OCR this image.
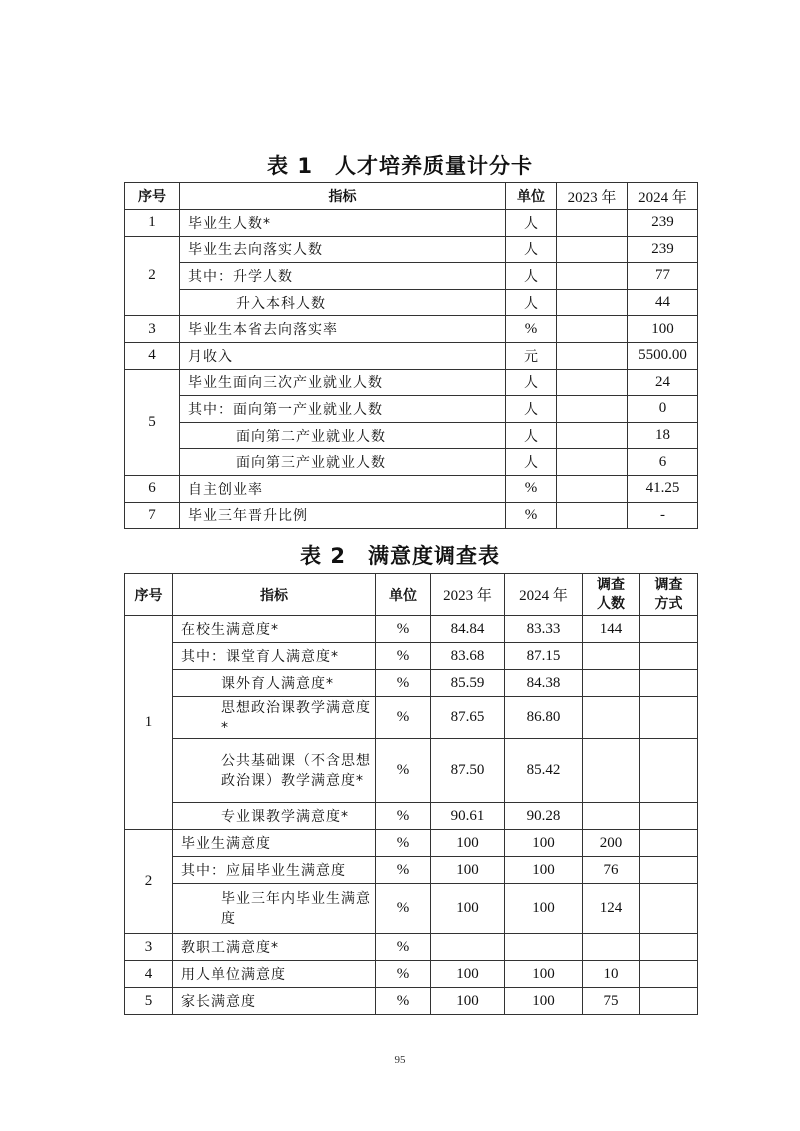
表 1　人才培养质量计分卡
序号	指标	单位	2023 年	2024 年
1	毕业生人数*	人		239
2	毕业生去向落实人数	人		239
	其中：升学人数	人		77
	升入本科人数	人		44
3	毕业生本省去向落实率	%		100
4	月收入	元		5500.00
5	毕业生面向三次产业就业人数	人		24
	其中：面向第一产业就业人数	人		0
	面向第二产业就业人数	人		18
	面向第三产业就业人数	人		6
6	自主创业率	%		41.25
7	毕业三年晋升比例	%		-
表 2　满意度调查表
序号	指标	单位	2023 年	2024 年	调查人数	调查方式
1	在校生满意度*	%	84.84	83.33	144	
	其中：课堂育人满意度*	%	83.68	87.15		
	课外育人满意度*	%	85.59	84.38		
	思想政治课教学满意度*	%	87.65	86.80		
	公共基础课（不含思想政治课）教学满意度*	%	87.50	85.42		
	专业课教学满意度*	%	90.61	90.28		
2	毕业生满意度	%	100	100	200	
	其中：应届毕业生满意度	%	100	100	76	
	毕业三年内毕业生满意度	%	100	100	124	
3	教职工满意度*	%				
4	用人单位满意度	%	100	100	10	
5	家长满意度	%	100	100	75	
95
